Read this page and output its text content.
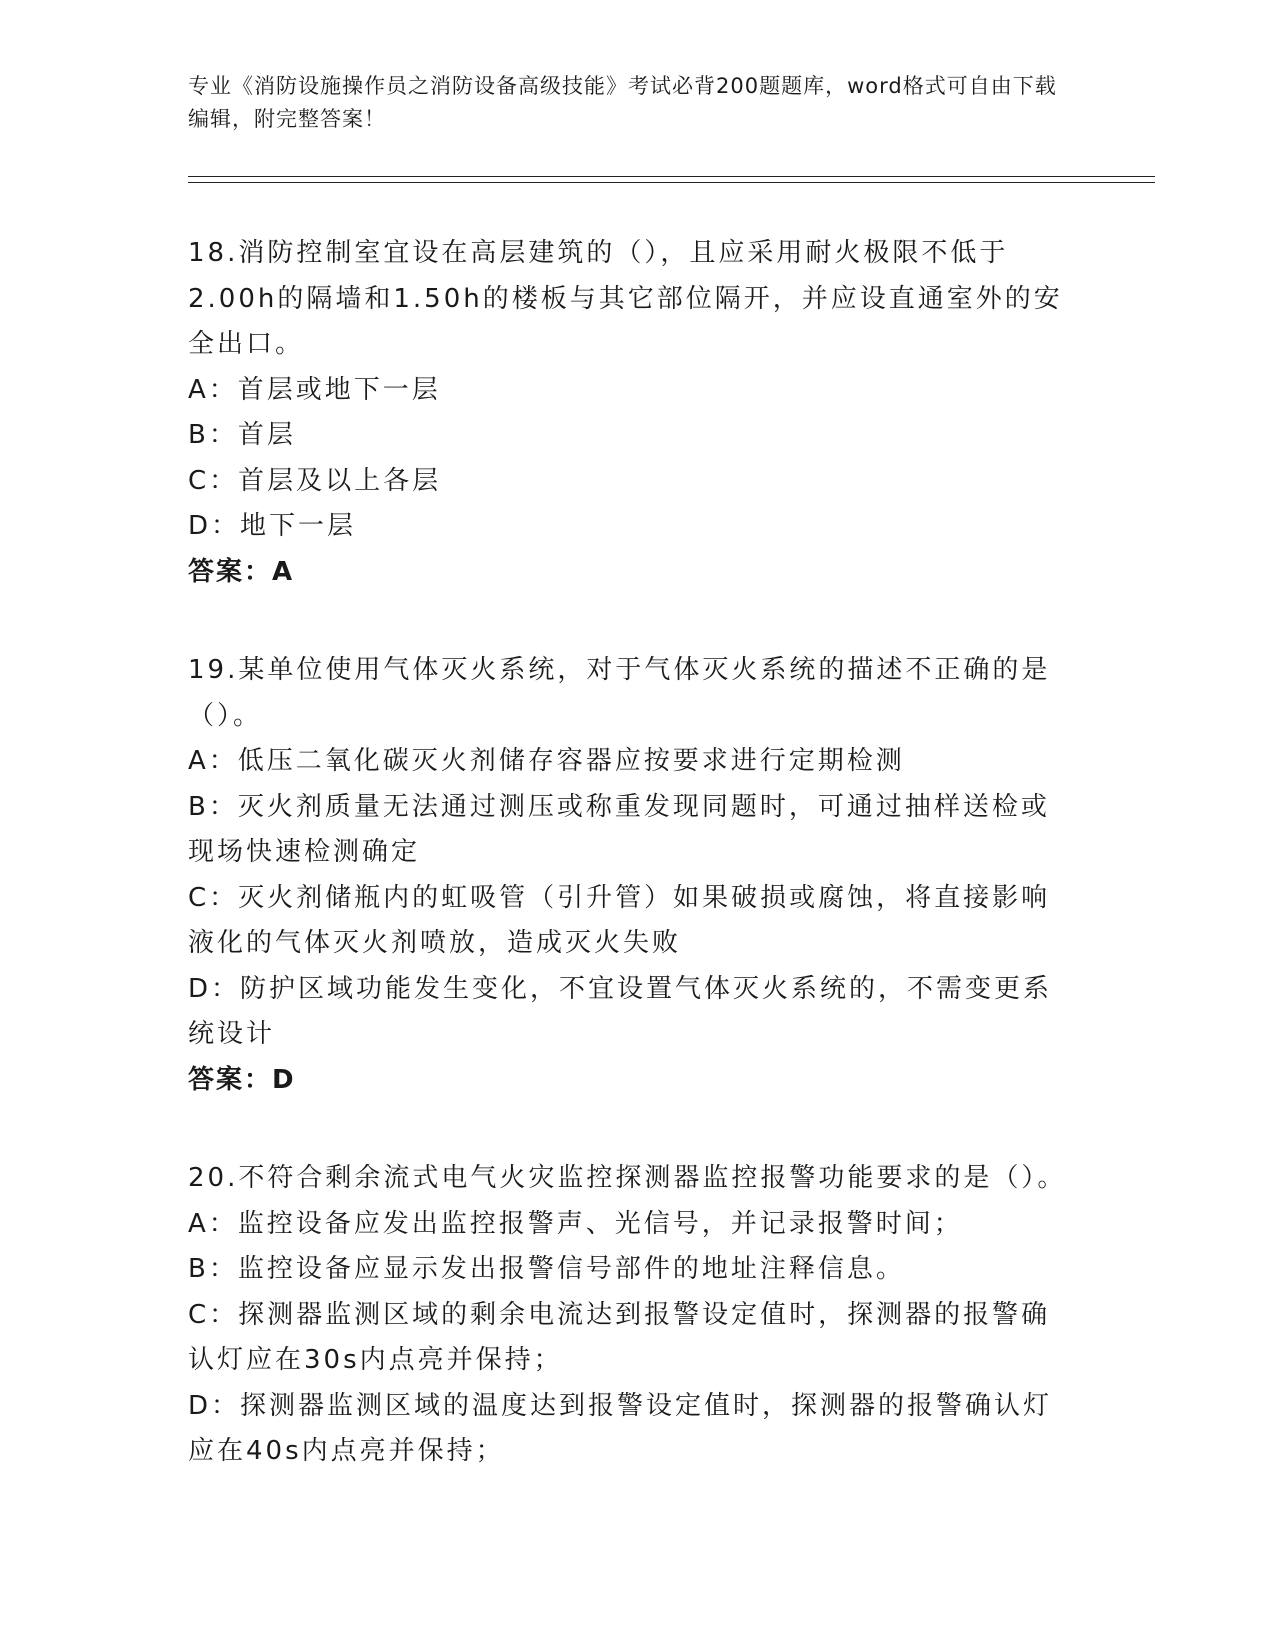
专业《消防设施操作员之消防设备高级技能》考试必背200题题库，word格式可自由下载编辑，附完整答案！
18.消防控制室宜设在高层建筑的（），且应采用耐火极限不低于2.00h的隔墙和1.50h的楼板与其它部位隔开，并应设直通室外的安全出口。
A：首层或地下一层
B：首层
C：首层及以上各层
D：地下一层
答案：A
19.某单位使用气体灭火系统，对于气体灭火系统的描述不正确的是（）。
A：低压二氧化碳灭火剂储存容器应按要求进行定期检测
B：灭火剂质量无法通过测压或称重发现同题时，可通过抽样送检或现场快速检测确定
C：灭火剂储瓶内的虹吸管（引升管）如果破损或腐蚀，将直接影响液化的气体灭火剂喷放，造成灭火失败
D：防护区域功能发生变化，不宜设置气体灭火系统的，不需变更系统设计
答案：D
20.不符合剩余流式电气火灾监控探测器监控报警功能要求的是（）。
A：监控设备应发出监控报警声、光信号，并记录报警时间；
B：监控设备应显示发出报警信号部件的地址注释信息。
C：探测器监测区域的剩余电流达到报警设定值时，探测器的报警确认灯应在30s内点亮并保持；
D：探测器监测区域的温度达到报警设定值时，探测器的报警确认灯应在40s内点亮并保持；
